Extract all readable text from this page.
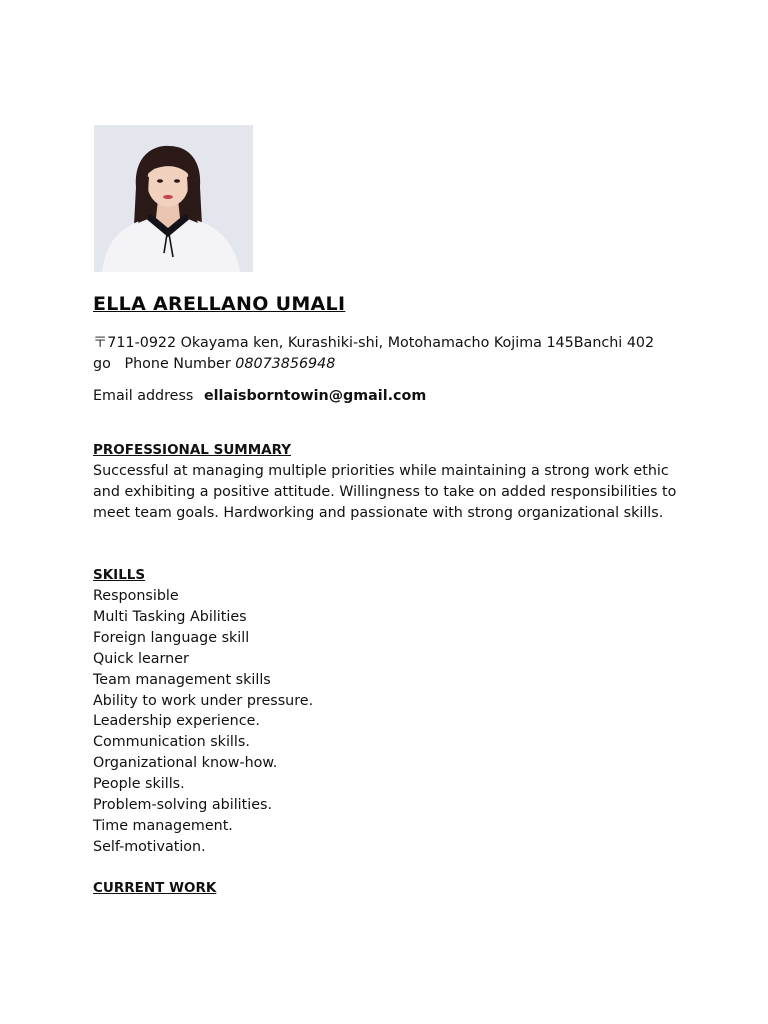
ELLA ARELLANO UMALI
〒711-0922 Okayama ken, Kurashiki-shi, Motohamacho Kojima 145Banchi 402 go Phone Number 08073856948
Email address ellaisborntowin@gmail.com
PROFESSIONAL SUMMARY

Successful at managing multiple priorities while maintaining a strong work ethic and exhibiting a positive attitude. Willingness to take on added responsibilities to meet team goals. Hardworking and passionate with strong organizational skills.

SKILLS
Responsible
Multi Tasking Abilities
Foreign language skill
Quick learner
Team management skills
Ability to work under pressure.
Leadership experience.
Communication skills.
Organizational know-how.
People skills.
Problem-solving abilities.
Time management.
Self-motivation.
CURRENT WORK
